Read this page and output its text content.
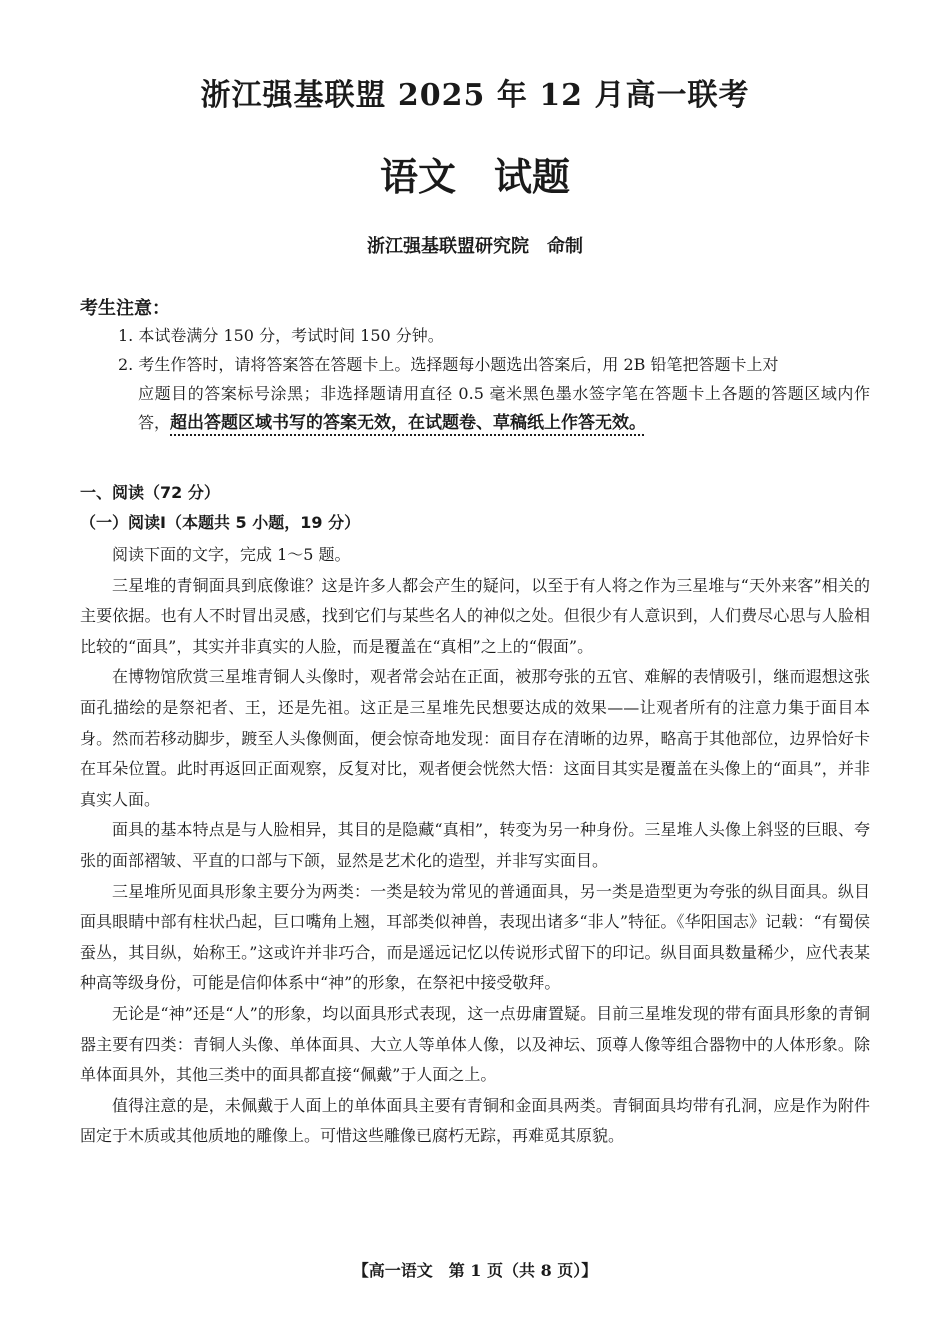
浙江强基联盟 2025 年 12 月高一联考
语文　试题
浙江强基联盟研究院　命制
考生注意：
1. 本试卷满分 150 分，考试时间 150 分钟。
2. 考生作答时，请将答案答在答题卡上。选择题每小题选出答案后，用 2B 铅笔把答题卡上对
应题目的答案标号涂黑；非选择题请用直径 0.5 毫米黑色墨水签字笔在答题卡上各题的答题区域内作答，超出答题区域书写的答案无效，在试题卷、草稿纸上作答无效。
一、阅读（72 分）
（一）阅读Ⅰ（本题共 5 小题，19 分）

阅读下面的文字，完成 1～5 题。

三星堆的青铜面具到底像谁？这是许多人都会产生的疑问，以至于有人将之作为三星堆与“天外来客”相关的主要依据。也有人不时冒出灵感，找到它们与某些名人的神似之处。但很少有人意识到，人们费尽心思与人脸相比较的“面具”，其实并非真实的人脸，而是覆盖在“真相”之上的“假面”。

在博物馆欣赏三星堆青铜人头像时，观者常会站在正面，被那夸张的五官、难解的表情吸引，继而遐想这张面孔描绘的是祭祀者、王，还是先祖。这正是三星堆先民想要达成的效果——让观者所有的注意力集于面目本身。然而若移动脚步，踱至人头像侧面，便会惊奇地发现：面目存在清晰的边界，略高于其他部位，边界恰好卡在耳朵位置。此时再返回正面观察，反复对比，观者便会恍然大悟：这面目其实是覆盖在头像上的“面具”，并非真实人面。

面具的基本特点是与人脸相异，其目的是隐藏“真相”，转变为另一种身份。三星堆人头像上斜竖的巨眼、夸张的面部褶皱、平直的口部与下颌，显然是艺术化的造型，并非写实面目。

三星堆所见面具形象主要分为两类：一类是较为常见的普通面具，另一类是造型更为夸张的纵目面具。纵目面具眼睛中部有柱状凸起，巨口嘴角上翘，耳部类似神兽，表现出诸多“非人”特征。《华阳国志》记载：“有蜀侯蚕丛，其目纵，始称王。”这或许并非巧合，而是遥远记忆以传说形式留下的印记。纵目面具数量稀少，应代表某种高等级身份，可能是信仰体系中“神”的形象，在祭祀中接受敬拜。

无论是“神”还是“人”的形象，均以面具形式表现，这一点毋庸置疑。目前三星堆发现的带有面具形象的青铜器主要有四类：青铜人头像、单体面具、大立人等单体人像，以及神坛、顶尊人像等组合器物中的人体形象。除单体面具外，其他三类中的面具都直接“佩戴”于人面之上。

值得注意的是，未佩戴于人面上的单体面具主要有青铜和金面具两类。青铜面具均带有孔洞，应是作为附件固定于木质或其他质地的雕像上。可惜这些雕像已腐朽无踪，再难觅其原貌。

【高一语文　第 1 页（共 8 页）】
